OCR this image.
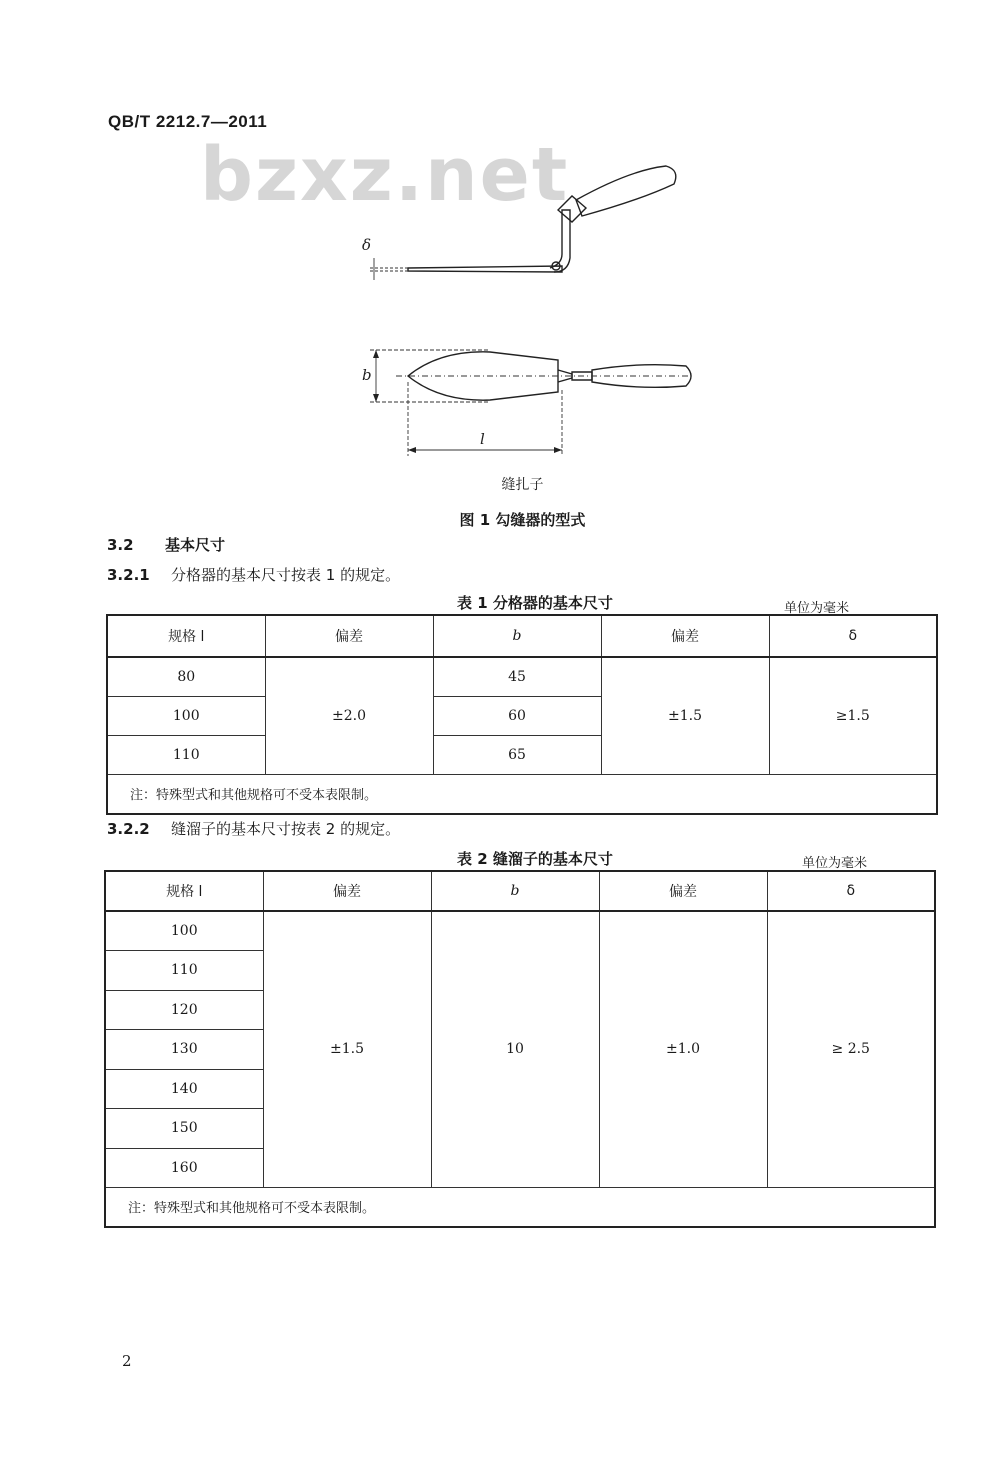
QB/T 2212.7—2011
bzxz.net
δ
b
l
缝扎子
图 1 勾缝器的型式
3.2 基本尺寸
3.2.1 分格器的基本尺寸按表 1 的规定。
表 1 分格器的基本尺寸	单位为毫米
规格 l	偏差	b	偏差	δ
80	±2.0	45	±1.5	≥1.5
100		60		
110		65		
注：特殊型式和其他规格可不受本表限制。				
3.2.2 缝溜子的基本尺寸按表 2 的规定。
表 2 缝溜子的基本尺寸	单位为毫米
规格 l	偏差	b	偏差	δ
100	±1.5	10	±1.0	≥ 2.5
110				
120				
130				
140				
150				
160				
注：特殊型式和其他规格可不受本表限制。				
2
